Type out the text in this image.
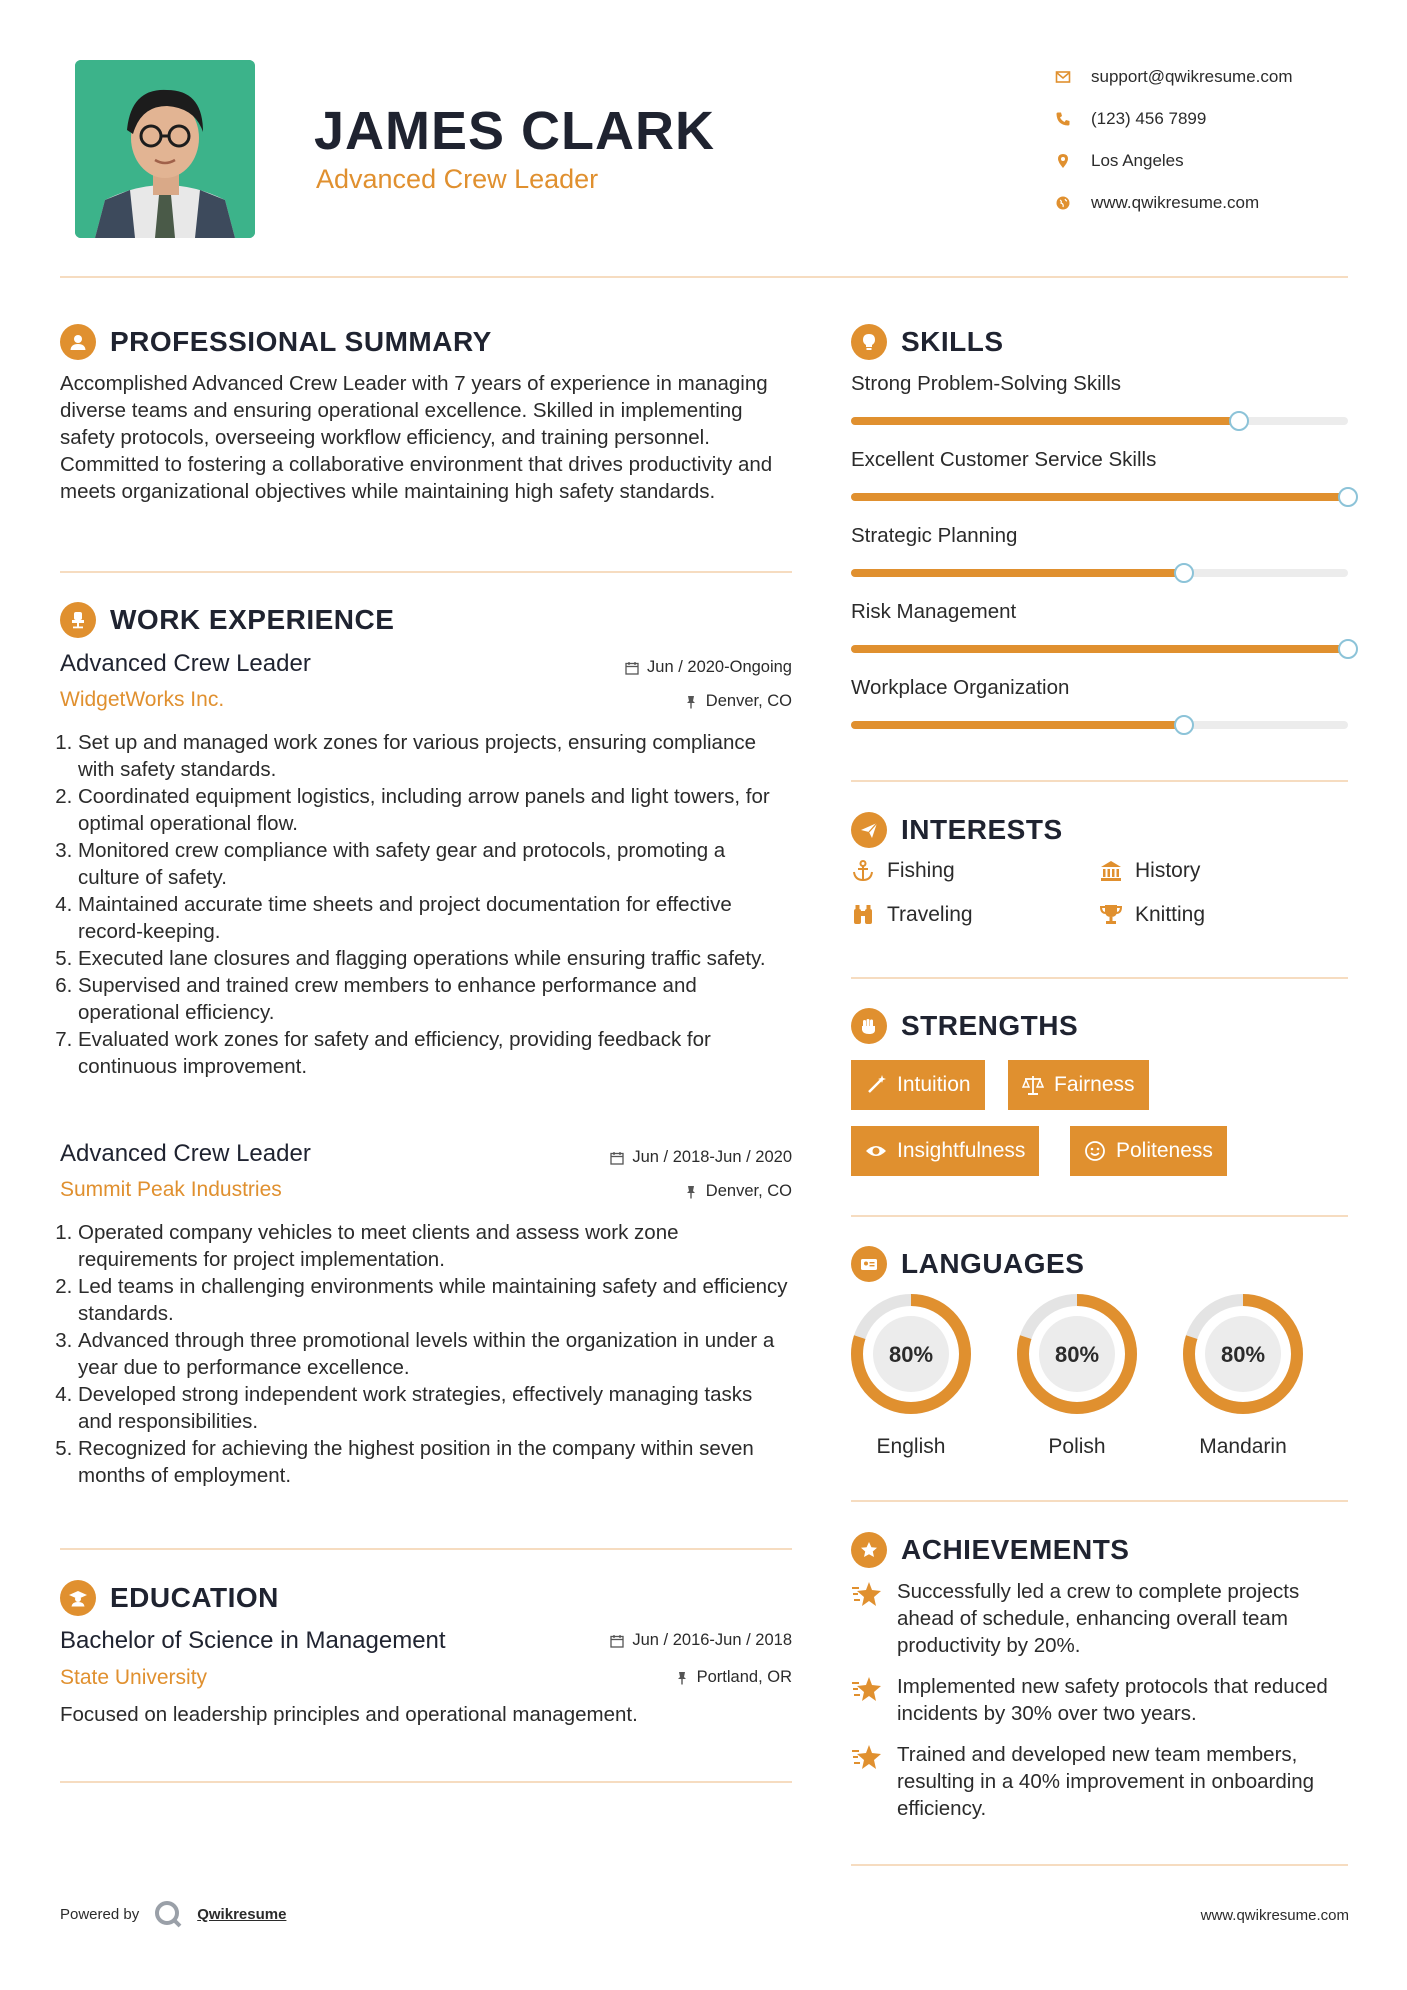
JAMES CLARK
Advanced Crew Leader
support@qwikresume.com
(123) 456 7899
Los Angeles
www.qwikresume.com
PROFESSIONAL SUMMARY
Accomplished Advanced Crew Leader with 7 years of experience in managing diverse teams and ensuring operational excellence. Skilled in implementing safety protocols, overseeing workflow efficiency, and training personnel. Committed to fostering a collaborative environment that drives productivity and meets organizational objectives while maintaining high safety standards.
WORK EXPERIENCE
Advanced Crew Leader	Jun / 2020-Ongoing
WidgetWorks Inc.	Denver, CO
1. Set up and managed work zones for various projects, ensuring compliance with safety standards.
2. Coordinated equipment logistics, including arrow panels and light towers, for optimal operational flow.
3. Monitored crew compliance with safety gear and protocols, promoting a culture of safety.
4. Maintained accurate time sheets and project documentation for effective record-keeping.
5. Executed lane closures and flagging operations while ensuring traffic safety.
6. Supervised and trained crew members to enhance performance and operational efficiency.
7. Evaluated work zones for safety and efficiency, providing feedback for continuous improvement.
Advanced Crew Leader	Jun / 2018-Jun / 2020
Summit Peak Industries	Denver, CO
1. Operated company vehicles to meet clients and assess work zone requirements for project implementation.
2. Led teams in challenging environments while maintaining safety and efficiency standards.
3. Advanced through three promotional levels within the organization in under a year due to performance excellence.
4. Developed strong independent work strategies, effectively managing tasks and responsibilities.
5. Recognized for achieving the highest position in the company within seven months of employment.
EDUCATION
Bachelor of Science in Management	Jun / 2016-Jun / 2018
State University	Portland, OR
Focused on leadership principles and operational management.
SKILLS
Strong Problem-Solving Skills
Excellent Customer Service Skills
Strategic Planning
Risk Management
Workplace Organization
INTERESTS
Fishing	History
Traveling	Knitting
STRENGTHS
Intuition	Fairness
Insightfulness	Politeness
LANGUAGES
80%
English
80%
Polish
80%
Mandarin
ACHIEVEMENTS
Successfully led a crew to complete projects ahead of schedule, enhancing overall team productivity by 20%.
Implemented new safety protocols that reduced incidents by 30% over two years.
Trained and developed new team members, resulting in a 40% improvement in onboarding efficiency.
Powered by	Qwikresume	www.qwikresume.com
